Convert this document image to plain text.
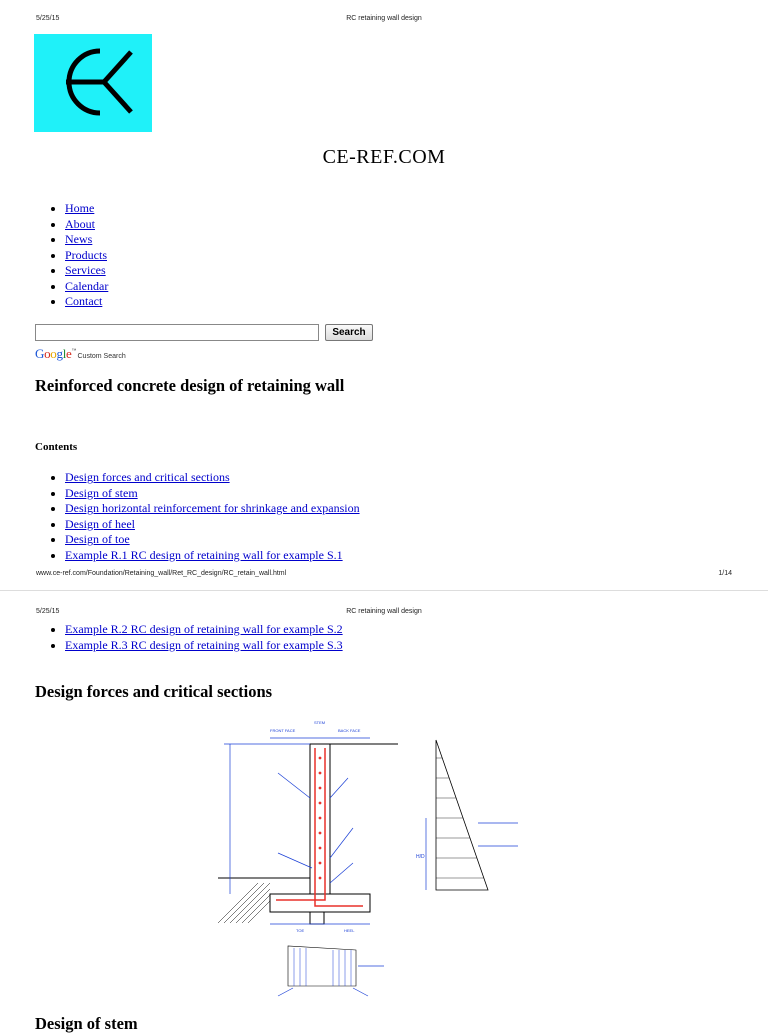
5/25/15	RC retaining wall design
CE-REF.COM
• Home
• About
• News
• Products
• Services
• Calendar
• Contact
Search
Google™Custom Search
Reinforced concrete design of retaining wall
Contents
• Design forces and critical sections
• Design of stem
• Design horizontal reinforcement for shrinkage and expansion
• Design of heel
• Design of toe
• Example R.1 RC design of retaining wall for example S.1
www.ce-ref.com/Foundation/Retaining_wall/Ret_RC_design/RC_retain_wall.html	1/14
5/25/15	RC retaining wall design
• Example R.2 RC design of retaining wall for example S.2
• Example R.3 RC design of retaining wall for example S.3
Design forces and critical sections
FRONT FACE	BACK FACE
STEM
TOE	HEEL
H/D
Design of stem
